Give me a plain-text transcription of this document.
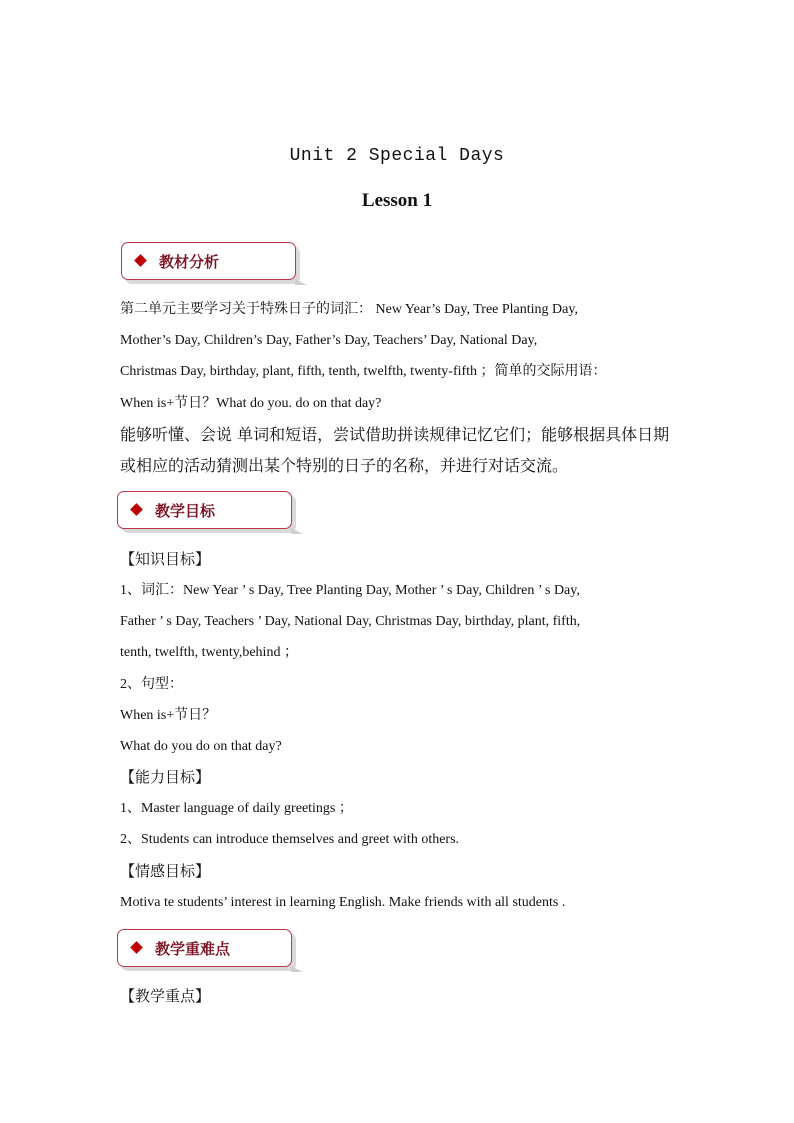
Unit 2 Special Days
Lesson 1
教材分析
第二单元主要学习关于特殊日子的词汇： New Year’s Day, Tree Planting Day,
Mother’s Day, Children’s Day, Father’s Day, Teachers’ Day, National Day,
Christmas Day, birthday, plant, fifth, tenth, twelfth, twenty-fifth ；简单的交际用语：
When is+节日？What do you. do on that day?
能够听懂、会说 单词和短语，尝试借助拼读规律记忆它们；能够根据具体日期
或相应的活动猜测出某个特别的日子的名称，并进行对话交流。
教学目标
【知识目标】
1、词汇：New Year ’ s Day, Tree Planting Day, Mother ’ s Day, Children ’ s Day,
Father ’ s Day, Teachers ’ Day, National Day, Christmas Day, birthday, plant, fifth,
tenth, twelfth, twenty,behind ；
2、句型：
When is+节日？
What do you do on that day?
【能力目标】
1、Master language of daily greetings ；
2、Students can introduce themselves and greet with others.
【情感目标】
Motiva te students’ interest in learning English. Make friends with all students .
教学重难点
【教学重点】
